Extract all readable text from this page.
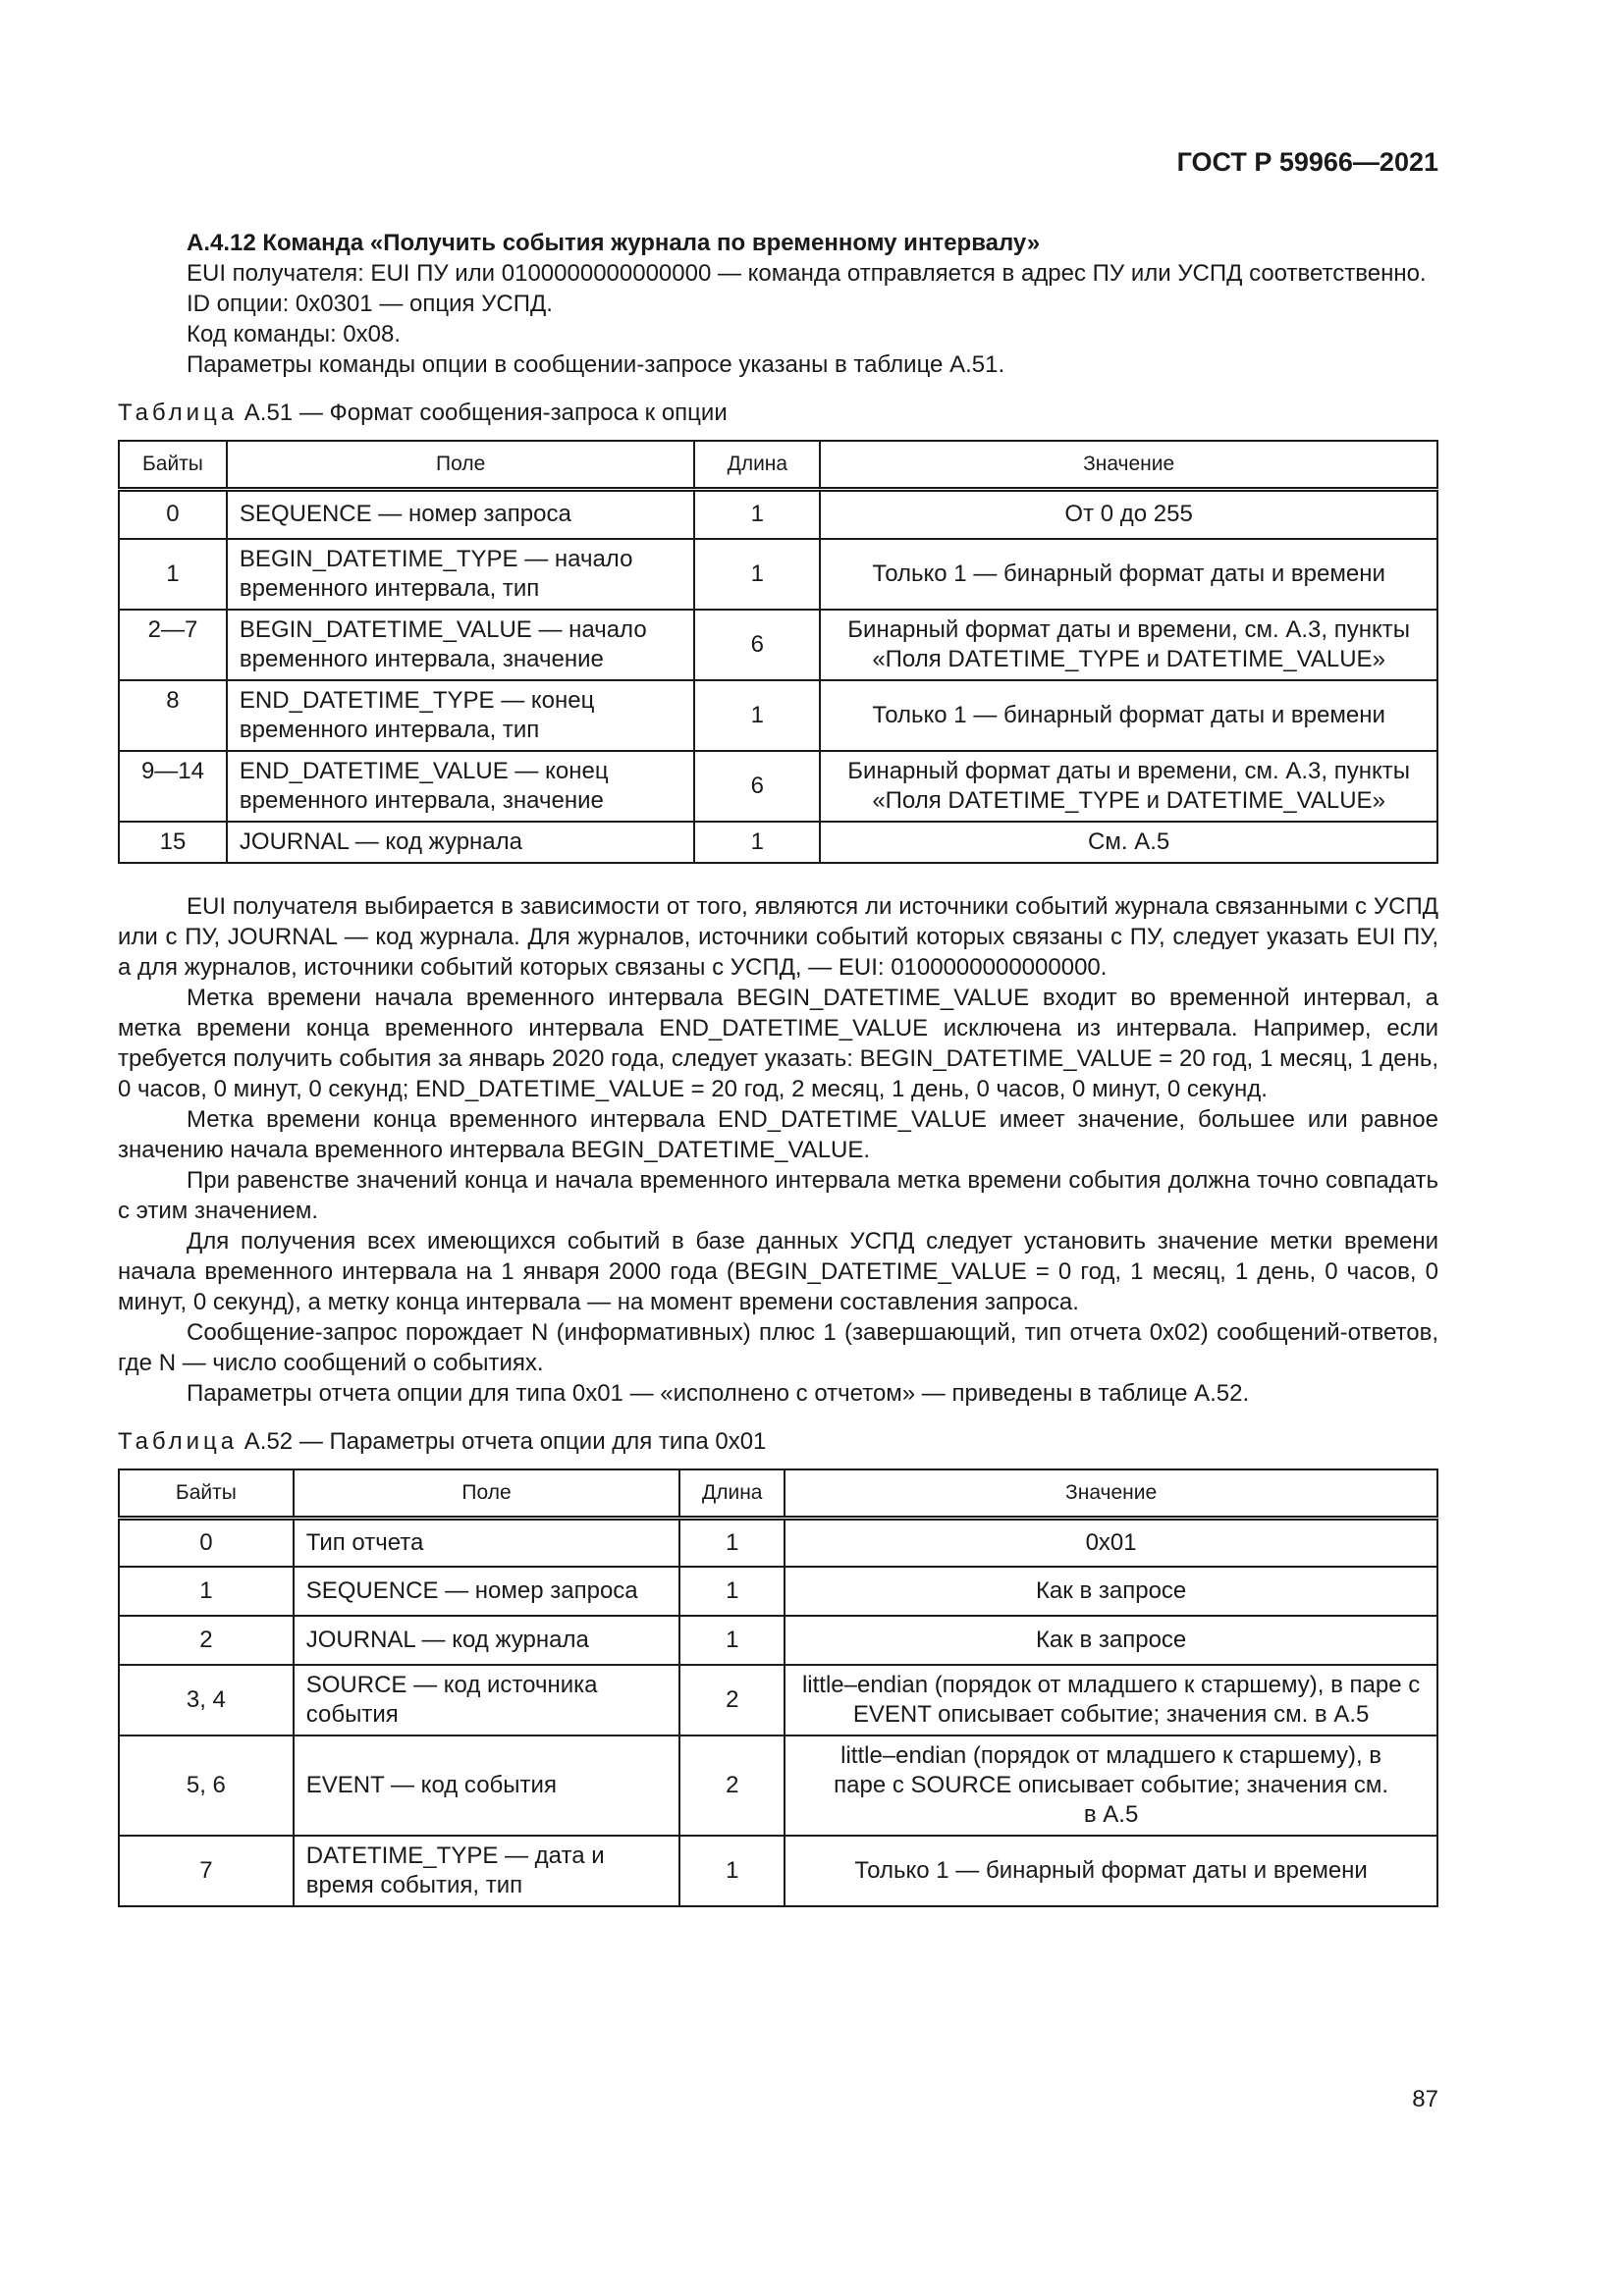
ГОСТ Р 59966—2021

А.4.12 Команда «Получить события журнала по временному интервалу»

EUI получателя: EUI ПУ или 0100000000000000 — команда отправляется в адрес ПУ или УСПД соответственно.

ID опции: 0x0301 — опция УСПД.

Код команды: 0x08.

Параметры команды опции в сообщении-запросе указаны в таблице А.51.

Таблица А.51 — Формат сообщения-запроса к опции

Байты	Поле	Длина	Значение
0	SEQUENCE — номер запроса	1	От 0 до 255
1	BEGIN_DATETIME_TYPE — начало временного интервала, тип	1	Только 1 — бинарный формат даты и времени
2—7	BEGIN_DATETIME_VALUE — начало временного интервала, значение	6	Бинарный формат даты и времени, см. А.3, пункты «Поля DATETIME_TYPE и DATETIME_VALUE»
8	END_DATETIME_TYPE — конец временного интервала, тип	1	Только 1 — бинарный формат даты и времени
9—14	END_DATETIME_VALUE — конец временного интервала, значение	6	Бинарный формат даты и времени, см. А.3, пункты «Поля DATETIME_TYPE и DATETIME_VALUE»
15	JOURNAL — код журнала	1	См. А.5

EUI получателя выбирается в зависимости от того, являются ли источники событий журнала связанными с УСПД или с ПУ, JOURNAL — код журнала. Для журналов, источники событий которых связаны с ПУ, следует указать EUI ПУ, а для журналов, источники событий которых связаны с УСПД, — EUI: 0100000000000000.

Метка времени начала временного интервала BEGIN_DATETIME_VALUE входит во временной интервал, а метка времени конца временного интервала END_DATETIME_VALUE исключена из интервала. Например, если требуется получить события за январь 2020 года, следует указать: BEGIN_DATETIME_VALUE = 20 год, 1 месяц, 1 день, 0 часов, 0 минут, 0 секунд; END_DATETIME_VALUE = 20 год, 2 месяц, 1 день, 0 часов, 0 минут, 0 секунд.

Метка времени конца временного интервала END_DATETIME_VALUE имеет значение, большее или равное значению начала временного интервала BEGIN_DATETIME_VALUE.

При равенстве значений конца и начала временного интервала метка времени события должна точно совпадать с этим значением.

Для получения всех имеющихся событий в базе данных УСПД следует установить значение метки времени начала временного интервала на 1 января 2000 года (BEGIN_DATETIME_VALUE = 0 год, 1 месяц, 1 день, 0 часов, 0 минут, 0 секунд), а метку конца интервала — на момент времени составления запроса.

Сообщение-запрос порождает N (информативных) плюс 1 (завершающий, тип отчета 0x02) сообщений-ответов, где N — число сообщений о событиях.

Параметры отчета опции для типа 0x01 — «исполнено с отчетом» — приведены в таблице А.52.

Таблица А.52 — Параметры отчета опции для типа 0x01

Байты	Поле	Длина	Значение
0	Тип отчета	1	0x01
1	SEQUENCE — номер запроса	1	Как в запросе
2	JOURNAL — код журнала	1	Как в запросе
3, 4	SOURCE — код источника события	2	little–endian (порядок от младшего к старшему), в паре с EVENT описывает событие; значения см. в А.5
5, 6	EVENT — код события	2	little–endian (порядок от младшего к старшему), в паре с SOURCE описывает событие; значения см. в А.5
7	DATETIME_TYPE — дата и время события, тип	1	Только 1 — бинарный формат даты и времени
87
